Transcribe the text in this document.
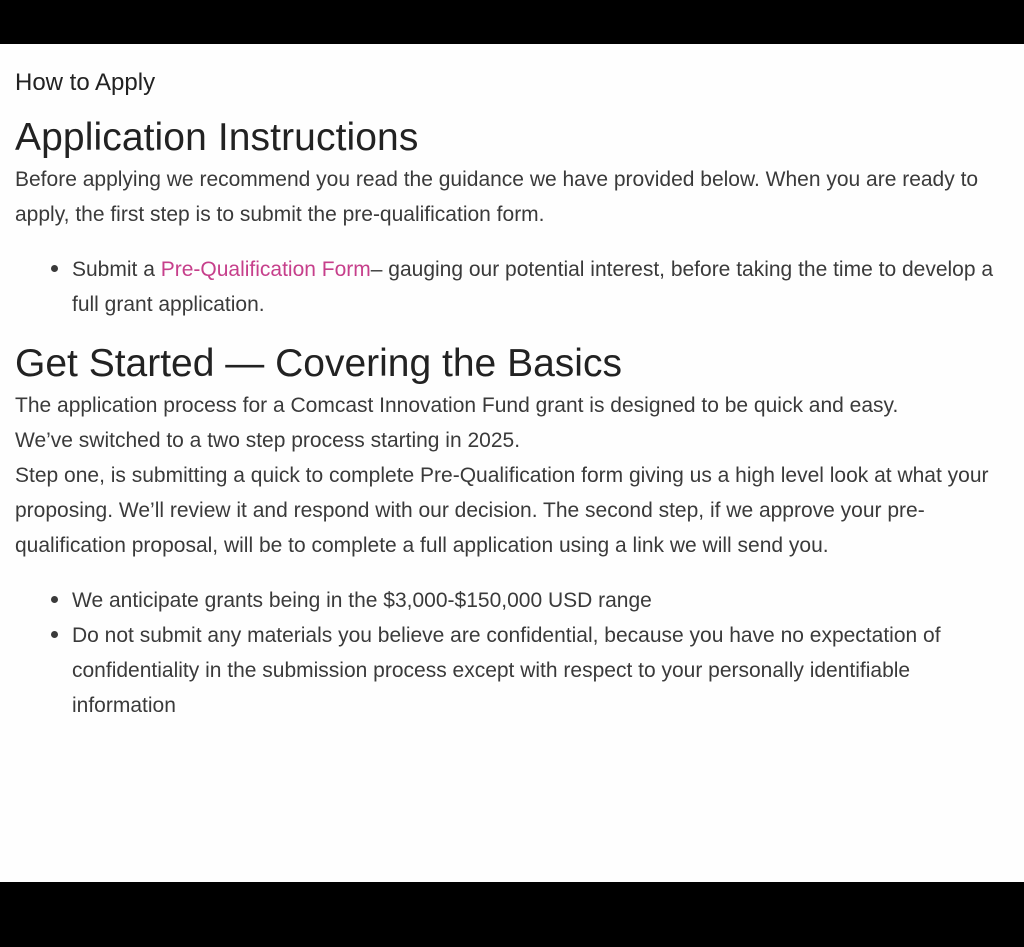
How to Apply
Application Instructions

Before applying we recommend you read the guidance we have provided below. When you are ready to apply, the first step is to submit the pre-qualification form.

Submit a Pre-Qualification Form– gauging our potential interest, before taking the time to develop a full grant application.
Get Started — Covering the Basics

The application process for a Comcast Innovation Fund grant is designed to be quick and easy.

We’ve switched to a two step process starting in 2025.

Step one, is submitting a quick to complete Pre-Qualification form giving us a high level look at what your proposing. We’ll review it and respond with our decision. The second step, if we approve your pre-qualification proposal, will be to complete a full application using a link we will send you.

We anticipate grants being in the $3,000-$150,000 USD range
Do not submit any materials you believe are confidential, because you have no expectation of confidentiality in the submission process except with respect to your personally identifiable information
